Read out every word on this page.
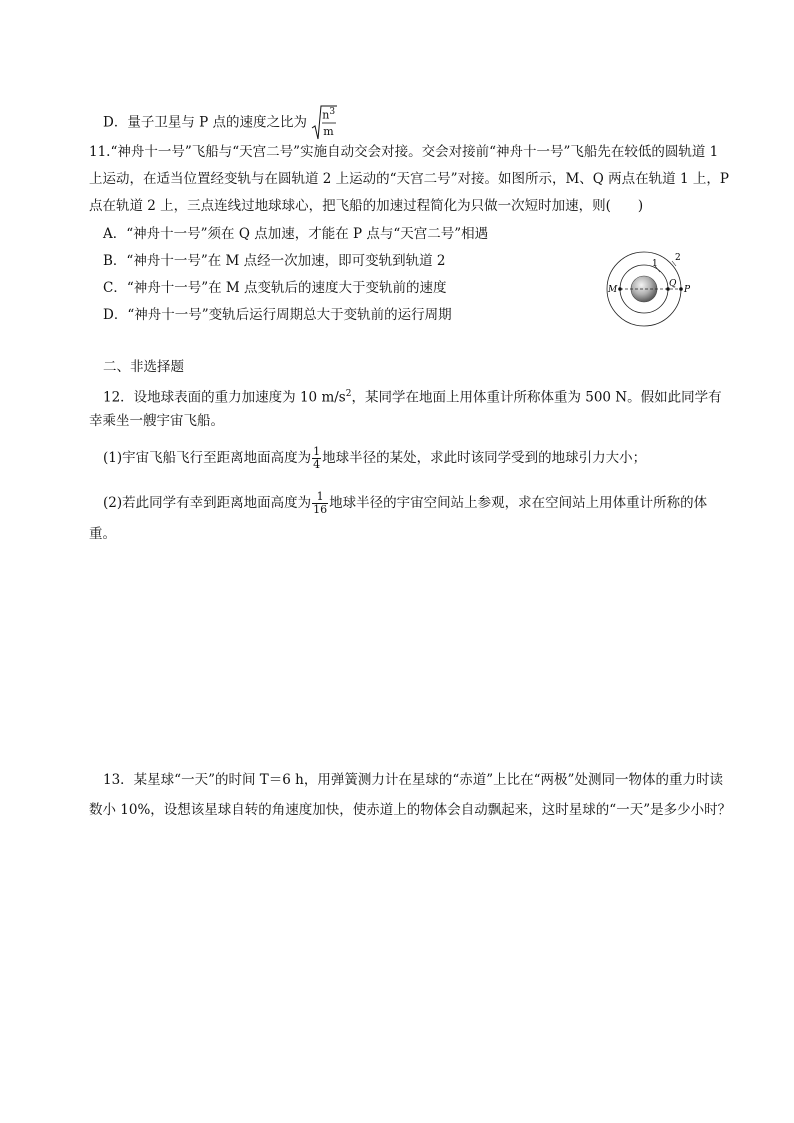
D．量子卫星与 P 点的速度之比为 $n^3$
m
11.“神舟十一号”飞船与“天宫二号”实施自动交会对接。交会对接前“神舟十一号”飞船先在较低的圆轨道 1
上运动，在适当位置经变轨与在圆轨道 2 上运动的“天宫二号”对接。如图所示，M、Q 两点在轨道 1 上，P
点在轨道 2 上，三点连线过地球球心，把飞船的加速过程简化为只做一次短时加速，则(　　)
A．“神舟十一号”须在 Q 点加速，才能在 P 点与“天宫二号”相遇
B．“神舟十一号”在 M 点经一次加速，即可变轨到轨道 2
C．“神舟十一号”在 M 点变轨后的速度大于变轨前的速度
D．“神舟十一号”变轨后运行周期总大于变轨前的运行周期
M
Q
P
1
2
二、非选择题
12．设地球表面的重力加速度为 10 $m/s^2$，某同学在地面上用体重计所称体重为 500 N。假如此同学有
幸乘坐一艘宇宙飞船。
(1)宇宙飞船飞行至距离地面高度为 $\frac{1}{4}$ 地球半径的某处，求此时该同学受到的地球引力大小；
(2)若此同学有幸到距离地面高度为 $\frac{1}{16}$ 地球半径的宇宙空间站上参观，求在空间站上用体重计所称的体
重。
13．某星球“一天”的时间 T＝6 h，用弹簧测力计在星球的“赤道”上比在“两极”处测同一物体的重力时读
数小 10%，设想该星球自转的角速度加快，使赤道上的物体会自动飘起来，这时星球的“一天”是多少小时？
